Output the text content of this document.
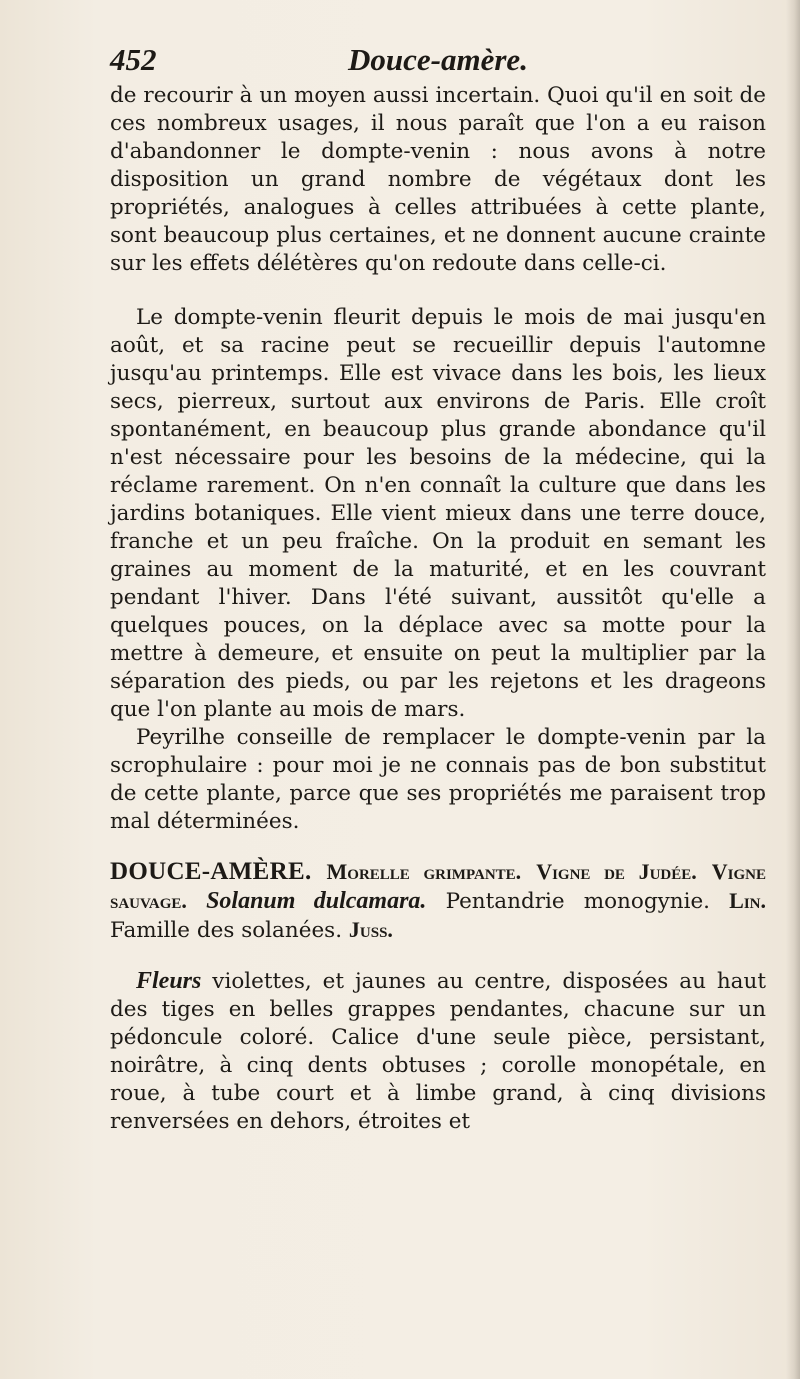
452	Douce-amère.

de recourir à un moyen aussi incertain. Quoi qu'il en soit de ces nombreux usages, il nous paraît que l'on a eu raison d'abandonner le dompte-venin : nous avons à notre disposition un grand nombre de végétaux dont les propriétés, analogues à celles attribuées à cette plante, sont beaucoup plus certaines, et ne donnent aucune crainte sur les effets délétères qu'on redoute dans celle-ci.

Le dompte-venin fleurit depuis le mois de mai jusqu'en août, et sa racine peut se recueillir depuis l'automne jusqu'au printemps. Elle est vivace dans les bois, les lieux secs, pierreux, surtout aux environs de Paris. Elle croît spontanément, en beaucoup plus grande abondance qu'il n'est nécessaire pour les besoins de la médecine, qui la réclame rarement. On n'en connaît la culture que dans les jardins botaniques. Elle vient mieux dans une terre douce, franche et un peu fraîche. On la produit en semant les graines au moment de la maturité, et en les couvrant pendant l'hiver. Dans l'été suivant, aussitôt qu'elle a quelques pouces, on la déplace avec sa motte pour la mettre à demeure, et ensuite on peut la multiplier par la séparation des pieds, ou par les rejetons et les drageons que l'on plante au mois de mars.

Peyrilhe conseille de remplacer le dompte-venin par la scrophulaire : pour moi je ne connais pas de bon substitut de cette plante, parce que ses propriétés me paraisent trop mal déterminées.

DOUCE-AMÈRE. Morelle grimpante. Vigne de Judée. Vigne sauvage. Solanum dulcamara. Pentandrie monogynie. Lin. Famille des solanées. Juss.

Fleurs violettes, et jaunes au centre, disposées au haut des tiges en belles grappes pendantes, chacune sur un pédoncule coloré. Calice d'une seule pièce, persistant, noirâtre, à cinq dents obtuses ; corolle monopétale, en roue, à tube court et à limbe grand, à cinq divisions renversées en dehors, étroites et
